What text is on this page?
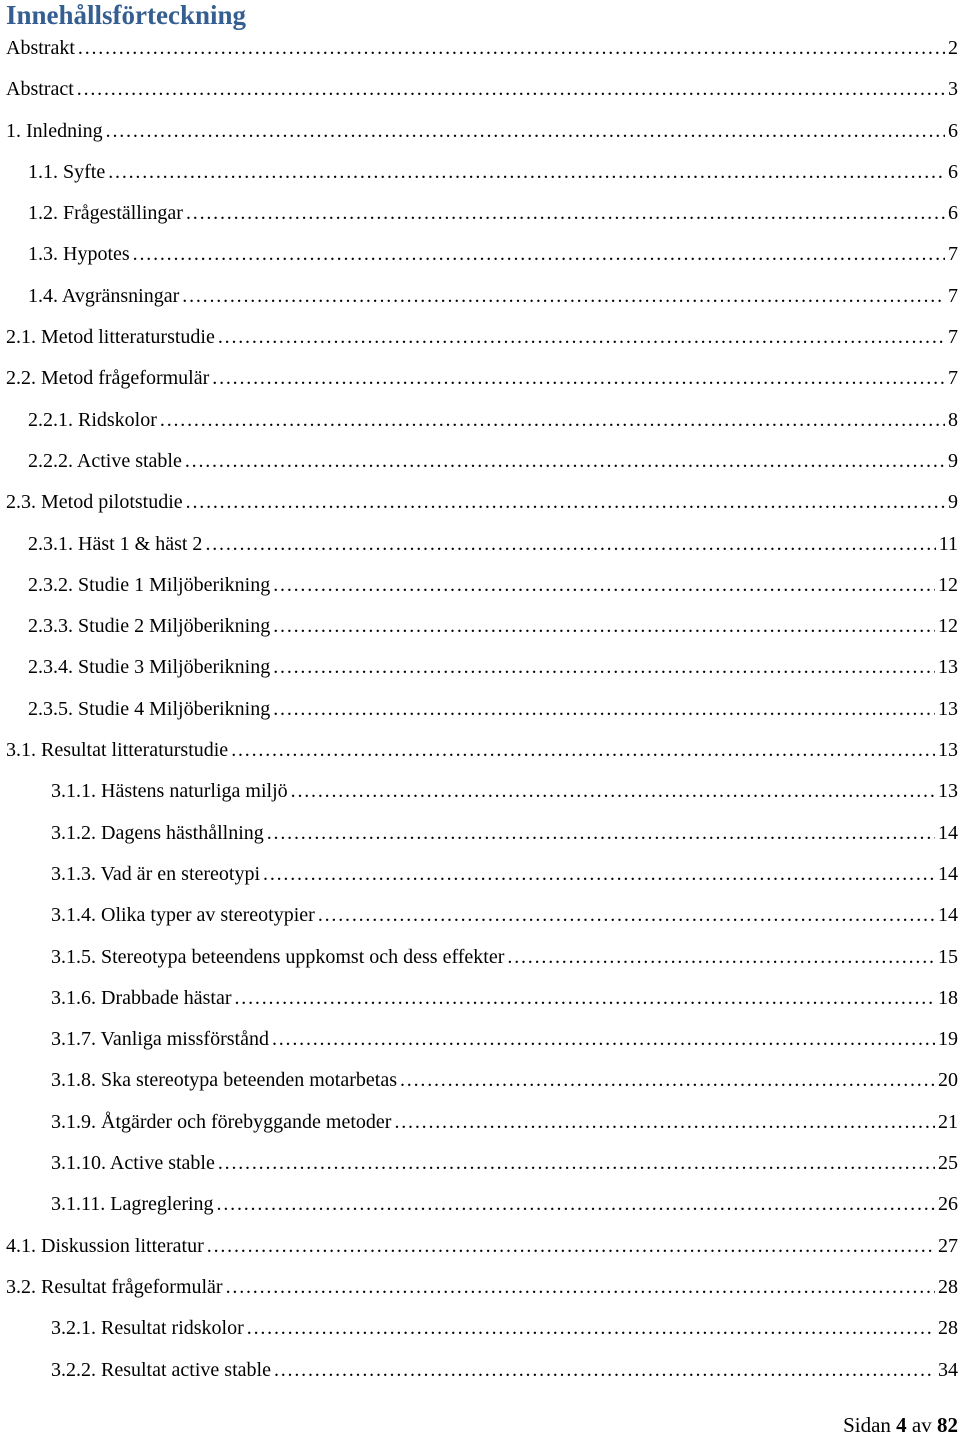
Innehållsförteckning
Abstrakt . . .	2
Abstract . . .	3
1. Inledning . . .	6
1.1. Syfte . . .	6
1.2. Frågeställingar . . .	6
1.3. Hypotes . . .	7
1.4. Avgränsningar . . .	7
2.1. Metod litteraturstudie . . .	7
2.2. Metod frågeformulär . . .	7
2.2.1. Ridskolor . . .	8
2.2.2. Active stable . . .	9
2.3. Metod pilotstudie . . .	9
2.3.1. Häst 1 & häst 2 . . .	11
2.3.2. Studie 1 Miljöberikning . . .	12
2.3.3. Studie 2 Miljöberikning . . .	12
2.3.4. Studie 3 Miljöberikning . . .	13
2.3.5. Studie 4 Miljöberikning . . .	13
3.1. Resultat litteraturstudie . . .	13
3.1.1. Hästens naturliga miljö . . .	13
3.1.2. Dagens hästhållning . . .	14
3.1.3. Vad är en stereotypi . . .	14
3.1.4. Olika typer av stereotypier . . .	14
3.1.5. Stereotypa beteendens uppkomst och dess effekter . . .	15
3.1.6. Drabbade hästar . . .	18
3.1.7. Vanliga missförstånd . . .	19
3.1.8. Ska stereotypa beteenden motarbetas . . .	20
3.1.9. Åtgärder och förebyggande metoder . . .	21
3.1.10. Active stable . . .	25
3.1.11. Lagreglering . . .	26
4.1. Diskussion litteratur . . .	27
3.2. Resultat frågeformulär . . .	28
3.2.1. Resultat ridskolor . . .	28
3.2.2. Resultat active stable . . .	34
Sidan 4 av 82
